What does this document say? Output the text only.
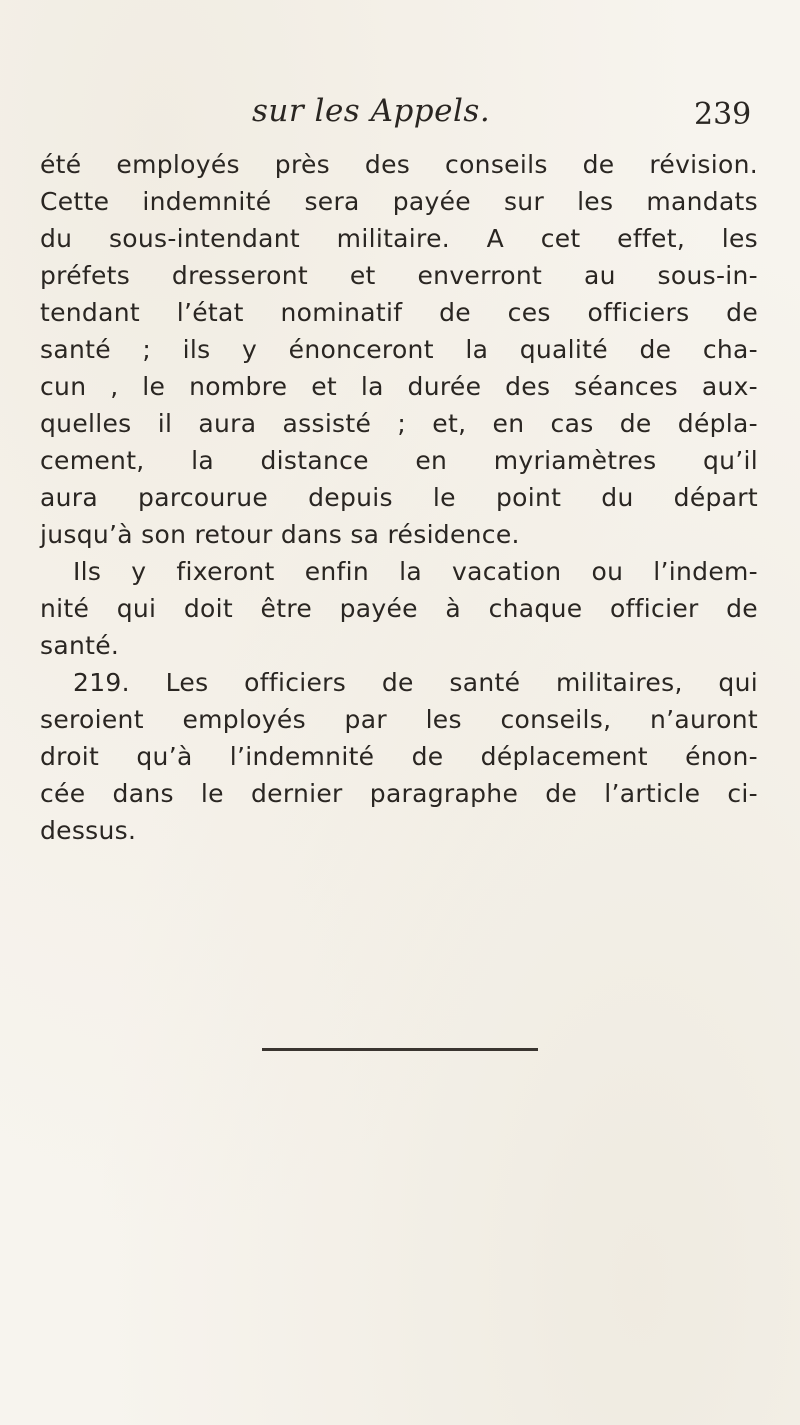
sur les Appels.	239
été employés près des conseils de révision.
Cette indemnité sera payée sur les mandats
du sous-intendant militaire. A cet effet, les
préfets dresseront et enverront au sous-in-
tendant l’état nominatif de ces officiers de
santé ; ils y énonceront la qualité de cha-
cun , le nombre et la durée des séances aux-
quelles il aura assisté ; et, en cas de dépla-
cement, la distance en myriamètres qu’il
aura parcourue depuis le point du départ
jusqu’à son retour dans sa résidence.
Ils y fixeront enfin la vacation ou l’indem-
nité qui doit être payée à chaque officier de
santé.
219. Les officiers de santé militaires, qui
seroient employés par les conseils, n’auront
droit qu’à l’indemnité de déplacement énon-
cée dans le dernier paragraphe de l’article ci-
dessus.
